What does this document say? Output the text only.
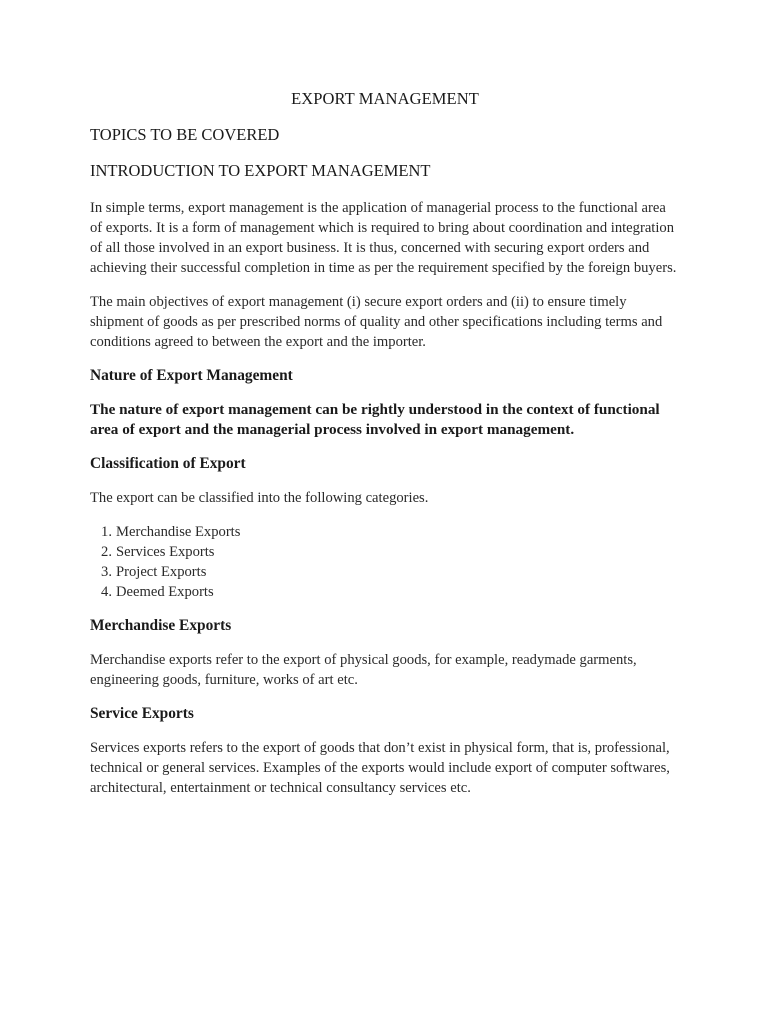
EXPORT MANAGEMENT
TOPICS TO BE COVERED
INTRODUCTION TO EXPORT MANAGEMENT

In simple terms, export management is the application of managerial process to the functional area of exports. It is a form of management which is required to bring about coordination and integration of all those involved in an export business. It is thus, concerned with securing export orders and achieving their successful completion in time as per the requirement specified by the foreign buyers.

The main objectives of export management (i) secure export orders and (ii) to ensure timely shipment of goods as per prescribed norms of quality and other specifications including terms and conditions agreed to between the export and the importer.

Nature of Export Management

The nature of export management can be rightly understood in the context of functional area of export and the managerial process involved in export management.

Classification of Export

The export can be classified into the following categories.

1. Merchandise Exports
2. Services Exports
3. Project Exports
4. Deemed Exports
Merchandise Exports

Merchandise exports refer to the export of physical goods, for example, readymade garments, engineering goods, furniture, works of art etc.

Service Exports

Services exports refers to the export of goods that don’t exist in physical form, that is, professional, technical or general services. Examples of the exports would include export of computer softwares, architectural, entertainment or technical consultancy services etc.
